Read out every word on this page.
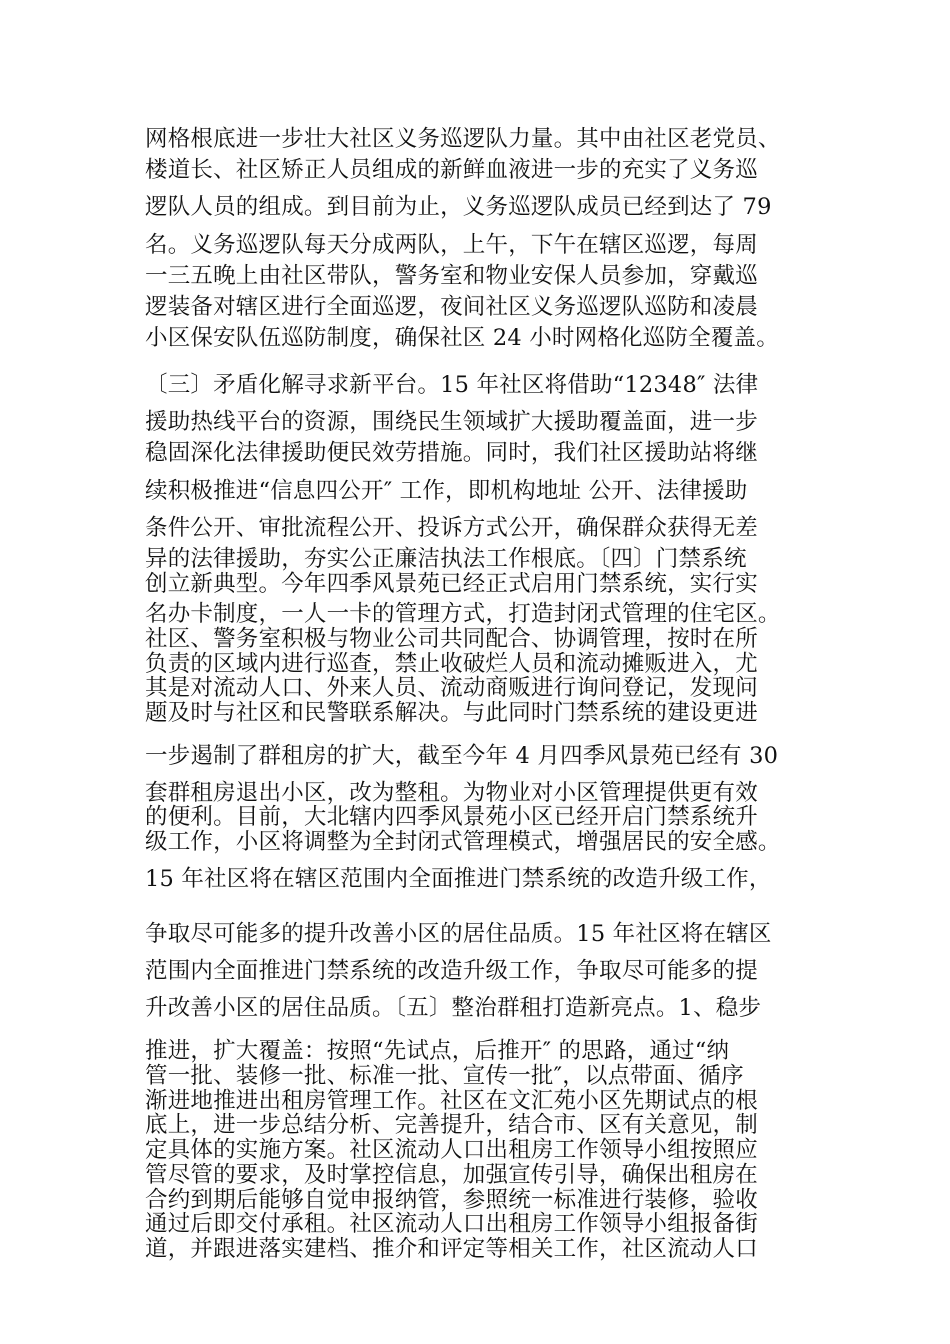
网格根底进一步壮大社区义务巡逻队力量。其中由社区老党员、
楼道长、社区矫正人员组成的新鲜血液进一步的充实了义务巡
逻队人员的组成。到目前为止，义务巡逻队成员已经到达了 79
名。义务巡逻队每天分成两队，上午，下午在辖区巡逻，每周
一三五晚上由社区带队，警务室和物业安保人员参加，穿戴巡
逻装备对辖区进行全面巡逻，夜间社区义务巡逻队巡防和凌晨
小区保安队伍巡防制度，确保社区 24 小时网格化巡防全覆盖。
〔三〕矛盾化解寻求新平台。15 年社区将借助“12348″ 法律
援助热线平台的资源，围绕民生领域扩大援助覆盖面，进一步
稳固深化法律援助便民效劳措施。同时，我们社区援助站将继
续积极推进“信息四公开″ 工作，即机构地址 公开、法律援助
条件公开、审批流程公开、投诉方式公开，确保群众获得无差
异的法律援助，夯实公正廉洁执法工作根底。〔四〕门禁系统
创立新典型。今年四季风景苑已经正式启用门禁系统，实行实
名办卡制度，一人一卡的管理方式，打造封闭式管理的住宅区。
社区、警务室积极与物业公司共同配合、协调管理，按时在所
负责的区域内进行巡查，禁止收破烂人员和流动摊贩进入，尤
其是对流动人口、外来人员、流动商贩进行询问登记，发现问
题及时与社区和民警联系解决。与此同时门禁系统的建设更进
一步遏制了群租房的扩大，截至今年 4 月四季风景苑已经有 30
套群租房退出小区，改为整租。为物业对小区管理提供更有效
的便利。目前，大北辖内四季风景苑小区已经开启门禁系统升
级工作，小区将调整为全封闭式管理模式，增强居民的安全感。
15 年社区将在辖区范围内全面推进门禁系统的改造升级工作，
争取尽可能多的提升改善小区的居住品质。15 年社区将在辖区
范围内全面推进门禁系统的改造升级工作，争取尽可能多的提
升改善小区的居住品质。〔五〕整治群租打造新亮点。1、稳步
推进，扩大覆盖：按照“先试点，后推开″ 的思路，通过“纳
管一批、装修一批、标准一批、宣传一批″，以点带面、循序
渐进地推进出租房管理工作。社区在文汇苑小区先期试点的根
底上，进一步总结分析、完善提升，结合市、区有关意见，制
定具体的实施方案。社区流动人口出租房工作领导小组按照应
管尽管的要求，及时掌控信息，加强宣传引导，确保出租房在
合约到期后能够自觉申报纳管，参照统一标准进行装修，验收
通过后即交付承租。社区流动人口出租房工作领导小组报备街
道，并跟进落实建档、推介和评定等相关工作，社区流动人口
